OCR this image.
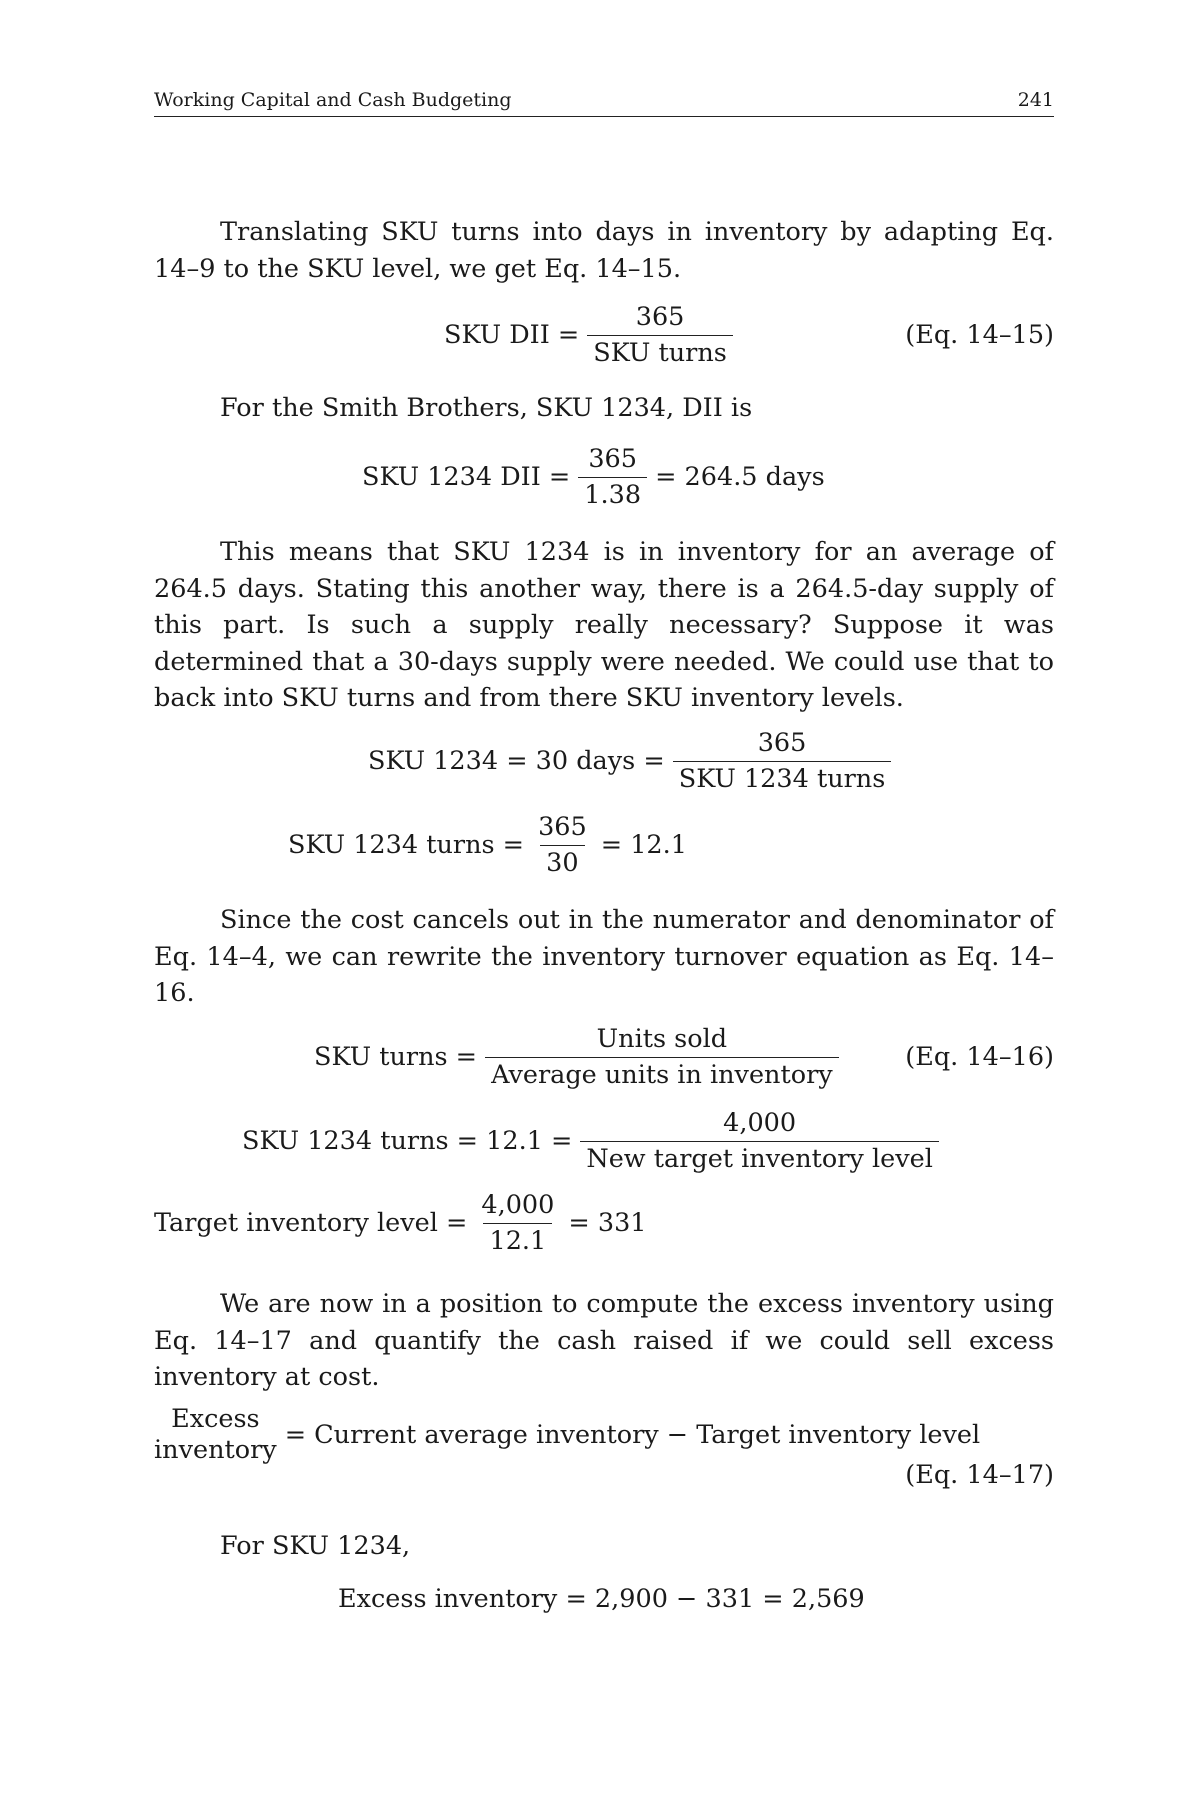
Working Capital and Cash Budgeting	241

Translating SKU turns into days in inventory by adapting Eq. 14–9 to the SKU level, we get Eq. 14–15.

SKU DII = $\frac{365}{\text{SKU turns}}$	(Eq. 14–15)

For the Smith Brothers, SKU 1234, DII is

SKU 1234 DII = $\frac{365}{1.38} = 264.5$ days

This means that SKU 1234 is in inventory for an average of 264.5 days. Stating this another way, there is a 264.5-day supply of this part. Is such a supply really necessary? Suppose it was determined that a 30-days supply were needed. We could use that to back into SKU turns and from there SKU inventory levels.

SKU 1234 = 30 days = $\frac{365}{\text{SKU 1234 turns}}$
SKU 1234 turns = $\frac{365}{30} = 12.1$

Since the cost cancels out in the numerator and denominator of Eq. 14–4, we can rewrite the inventory turnover equation as Eq. 14–16.

SKU turns = $\frac{\text{Units sold}}{\text{Average units in inventory}}$	(Eq. 14–16)
SKU 1234 turns = $12.1 = \frac{4,000}{\text{New target inventory level}}$
Target inventory level = $\frac{4,000}{12.1} = 331$

We are now in a position to compute the excess inventory using Eq. 14–17 and quantify the cash raised if we could sell excess inventory at cost.

Excess
inventory = Current average inventory − Target inventory level
(Eq. 14–17)

For SKU 1234,

Excess inventory = 2,900 − 331 = 2,569
